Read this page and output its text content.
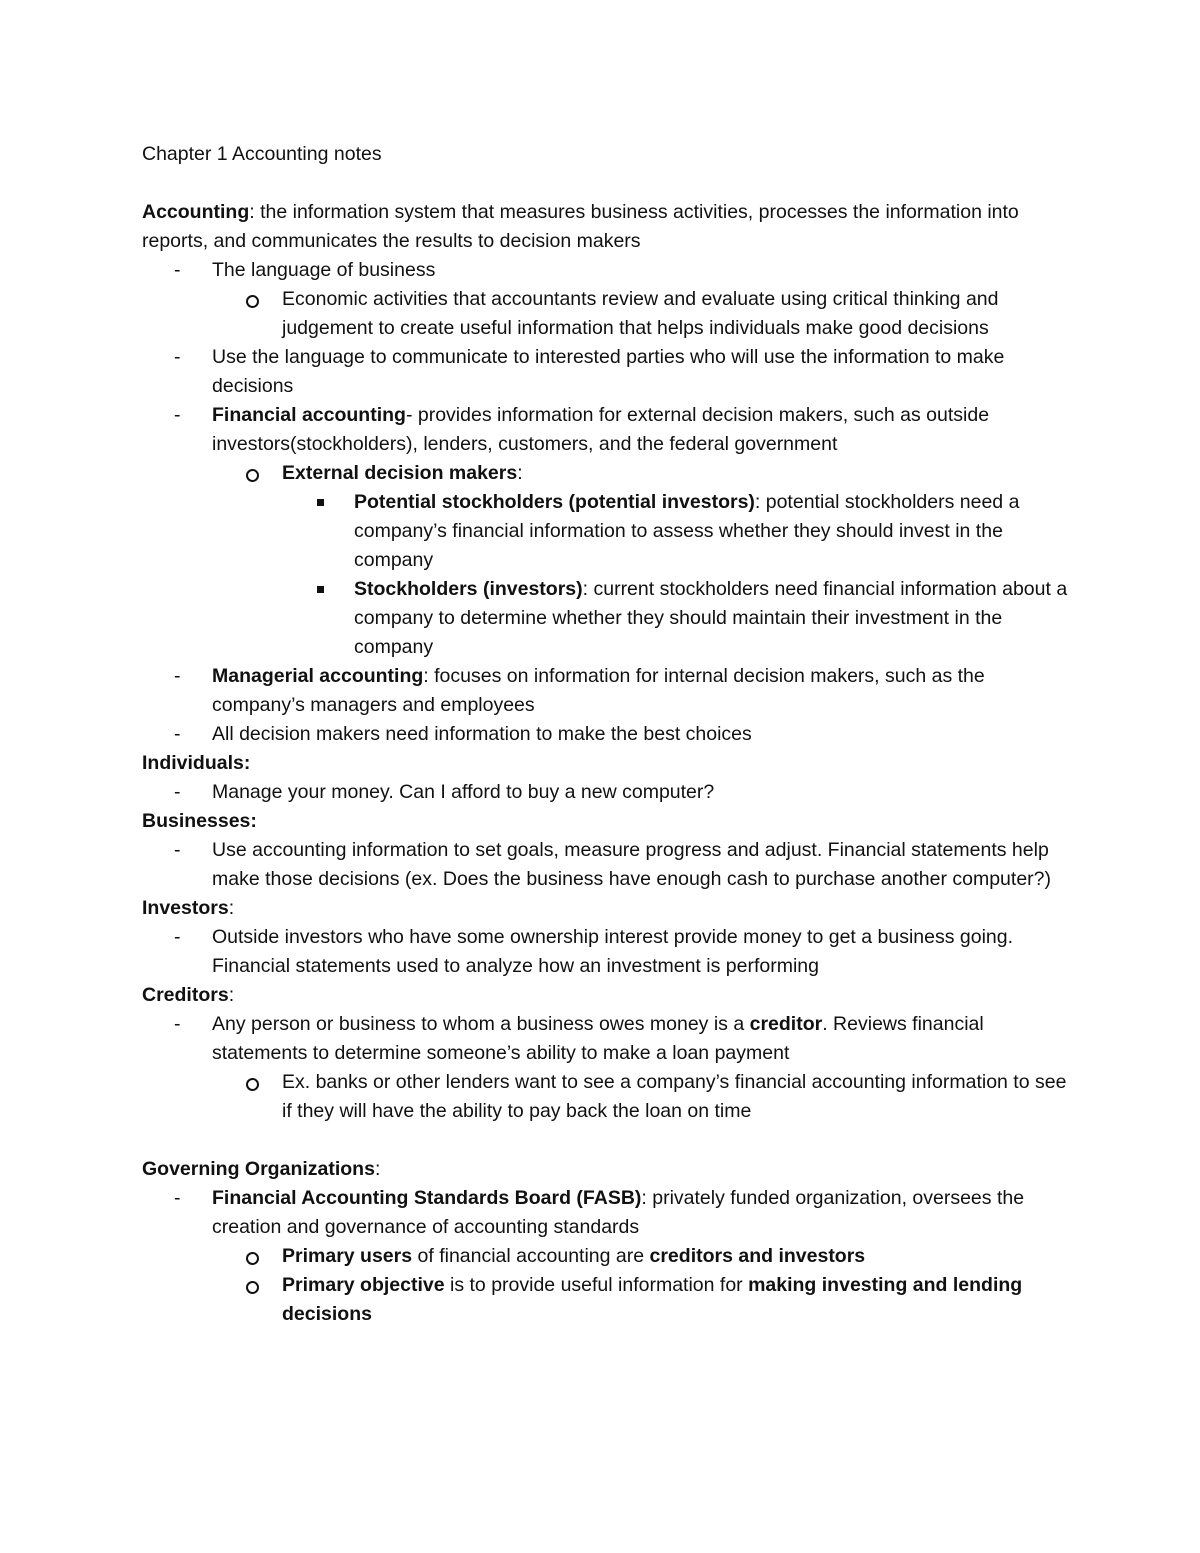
Chapter 1 Accounting notes

Accounting: the information system that measures business activities, processes the information into reports, and communicates the results to decision makers

- The language of business
Economic activities that accountants review and evaluate using critical thinking and judgement to create useful information that helps individuals make good decisions
- Use the language to communicate to interested parties who will use the information to make decisions
- Financial accounting- provides information for external decision makers, such as outside investors(stockholders), lenders, customers, and the federal government
External decision makers:
Potential stockholders (potential investors): potential stockholders need a company’s financial information to assess whether they should invest in the company
Stockholders (investors): current stockholders need financial information about a company to determine whether they should maintain their investment in the company
- Managerial accounting: focuses on information for internal decision makers, such as the company’s managers and employees
- All decision makers need information to make the best choices

Individuals:

- Manage your money. Can I afford to buy a new computer?

Businesses:

- Use accounting information to set goals, measure progress and adjust. Financial statements help make those decisions (ex. Does the business have enough cash to purchase another computer?)

Investors:

- Outside investors who have some ownership interest provide money to get a business going. Financial statements used to analyze how an investment is performing

Creditors:

- Any person or business to whom a business owes money is a creditor. Reviews financial statements to determine someone’s ability to make a loan payment
Ex. banks or other lenders want to see a company’s financial accounting information to see if they will have the ability to pay back the loan on time

Governing Organizations:

- Financial Accounting Standards Board (FASB): privately funded organization, oversees the creation and governance of accounting standards
Primary users of financial accounting are creditors and investors
Primary objective is to provide useful information for making investing and lending decisions
